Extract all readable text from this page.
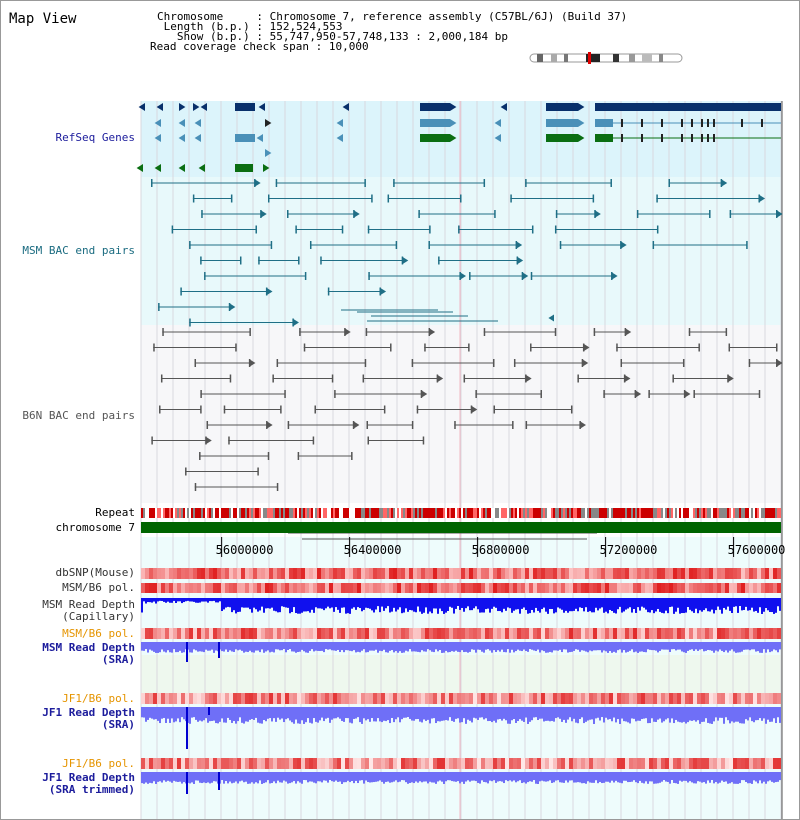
Map View	Chromosome     : Chromosome 7, reference assembly (C57BL/6J) (Build 37)
Length (b.p.) : 152,524,553
Show (b.p.) : 55,747,950-57,748,133 : 2,000,184 bp
Read coverage check span : 10,000
RefSeq Genes
MSM BAC end pairs
B6N BAC end pairs
Repeat
chromosome 7
dbSNP(Mouse)
MSM/B6 pol.
MSM Read Depth
(Capillary)
MSM/B6 pol.
MSM Read Depth
(SRA)
JF1/B6 pol.
JF1 Read Depth
(SRA)
JF1/B6 pol.
JF1 Read Depth
(SRA trimmed)
56000000	56400000	56800000	57200000	57600000
